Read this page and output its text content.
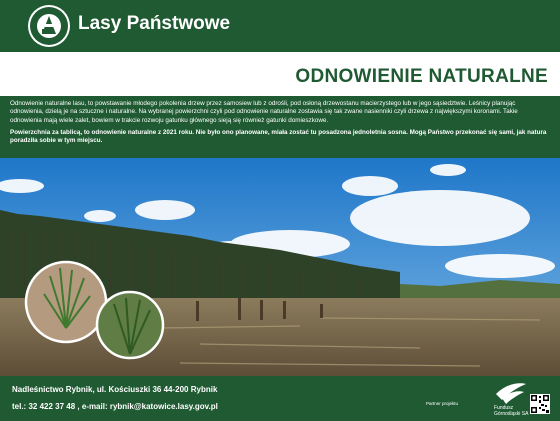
Lasy Państwowe
ODNOWIENIE NATURALNE

Odnowienie naturalne lasu, to powstawanie młodego pokolenia drzew przez samosiew lub z odrośli, pod osłoną drzewostanu macierzystego lub w jego sąsiedztwie. Leśnicy planując odnowienia, dzielą je na sztuczne i naturalne. Na wybranej powierzchni czyli pod odnowienie naturalne zostawia się tak zwane nasienniki czyli drzewa z największymi koronami. Takie odnowienia mają wiele zalet, bowiem w trakcie rozwoju gatunku głównego sieją się również gatunki domieszkowe.

Powierzchnia za tablicą, to odnowienie naturalne z 2021 roku. Nie było ono planowane, miała zostać tu posadzona jednoletnia sosna. Mogą Państwo przekonać się sami, jak natura poradziła sobie w tym miejscu.

Nadleśnictwo Rybnik, ul. Kościuszki 36 44-200 Rybnik
tel.: 32 422 37 48 , e-mail: rybnik@katowice.lasy.gov.pl	Partner projektu
Fundusz
Górnośląski SA
